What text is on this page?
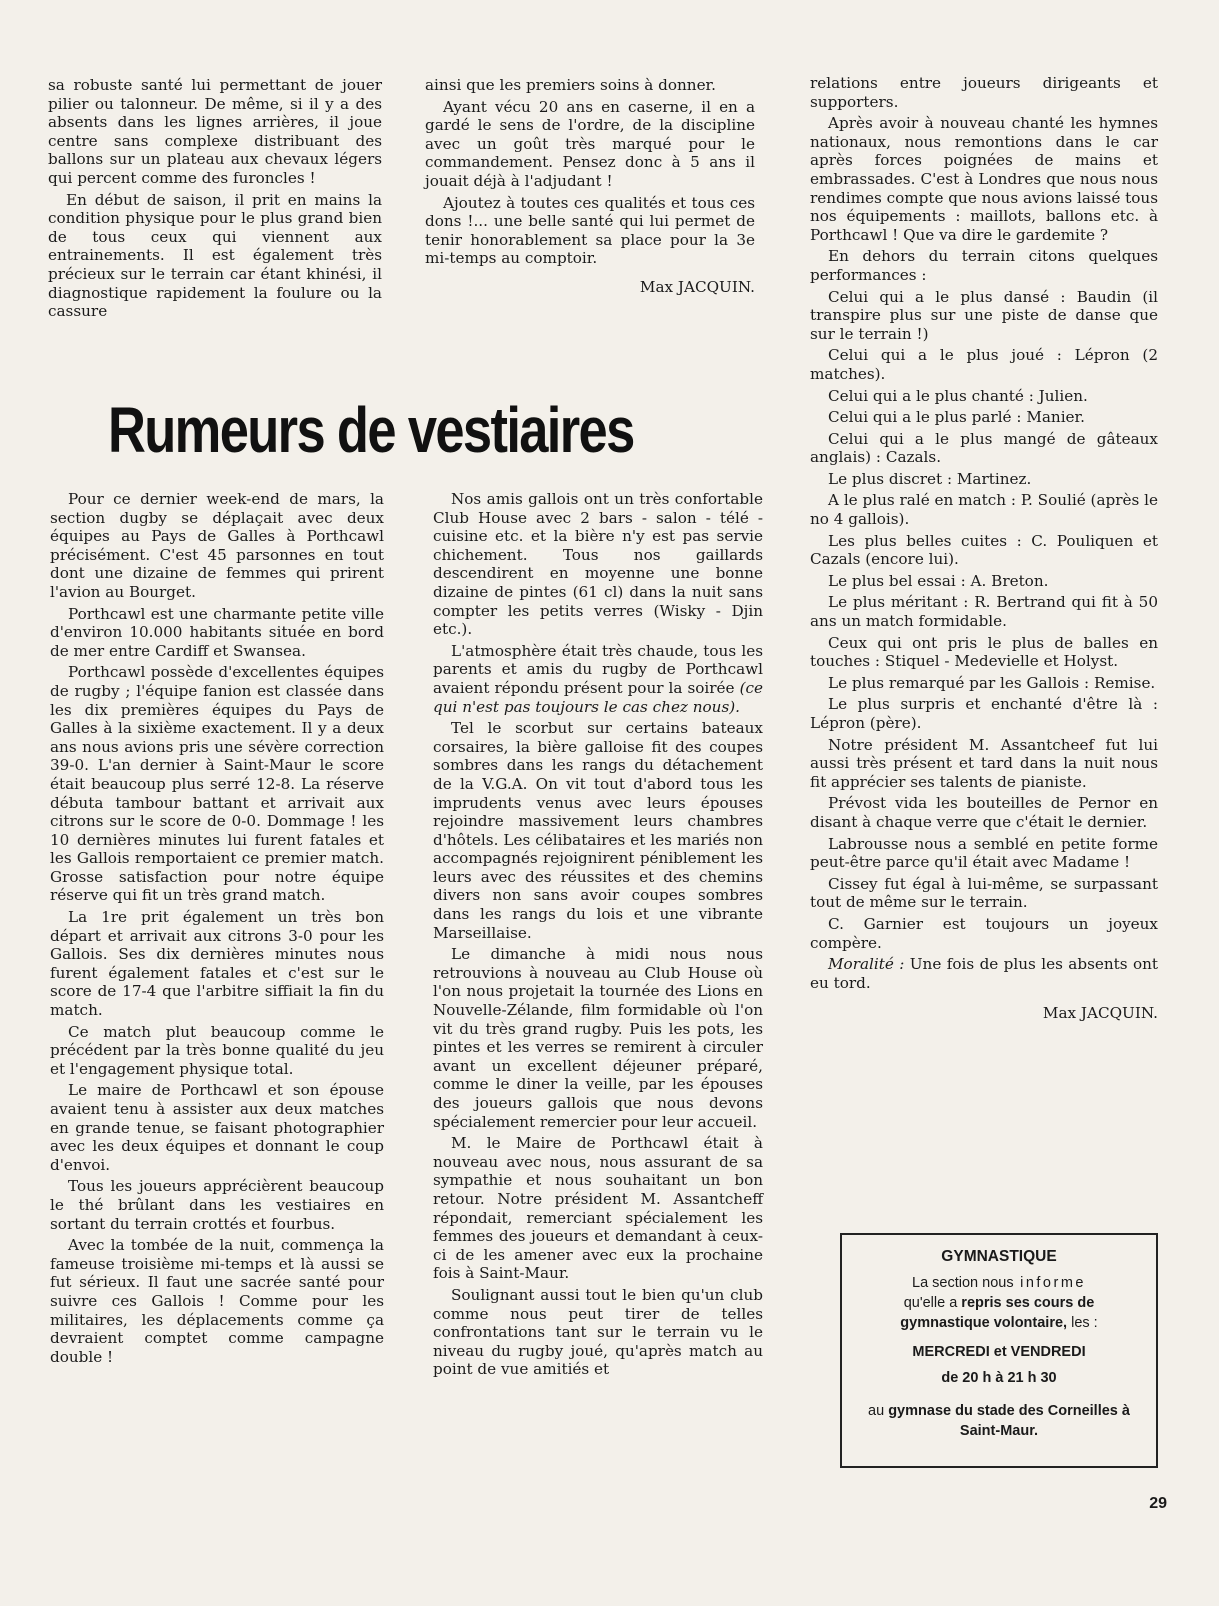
sa robuste santé lui permettant de jouer pilier ou talonneur. De même, si il y a des absents dans les lignes arrières, il joue centre sans complexe distribuant des ballons sur un plateau aux chevaux légers qui percent comme des furoncles !

En début de saison, il prit en mains la condition physique pour le plus grand bien de tous ceux qui viennent aux entrainements. Il est également très précieux sur le terrain car étant khinési, il diagnostique rapidement la foulure ou la cassure

ainsi que les premiers soins à donner.

Ayant vécu 20 ans en caserne, il en a gardé le sens de l'ordre, de la discipline avec un goût très marqué pour le commandement. Pensez donc à 5 ans il jouait déjà à l'adjudant !

Ajoutez à toutes ces qualités et tous ces dons !... une belle santé qui lui permet de tenir honorablement sa place pour la 3e mi-temps au comptoir.

Max JACQUIN.

Rumeurs de vestiaires

Pour ce dernier week-end de mars, la section dugby se déplaçait avec deux équipes au Pays de Galles à Porthcawl précisément. C'est 45 parsonnes en tout dont une dizaine de femmes qui prirent l'avion au Bourget.

Porthcawl est une charmante petite ville d'environ 10.000 habitants située en bord de mer entre Cardiff et Swansea.

Porthcawl possède d'excellentes équipes de rugby ; l'équipe fanion est classée dans les dix premières équipes du Pays de Galles à la sixième exactement. Il y a deux ans nous avions pris une sévère correction 39-0. L'an dernier à Saint-Maur le score était beaucoup plus serré 12-8. La réserve débuta tambour battant et arrivait aux citrons sur le score de 0-0. Dommage ! les 10 dernières minutes lui furent fatales et les Gallois remportaient ce premier match. Grosse satisfaction pour notre équipe réserve qui fit un très grand match.

La 1re prit également un très bon départ et arrivait aux citrons 3-0 pour les Gallois. Ses dix dernières minutes nous furent également fatales et c'est sur le score de 17-4 que l'arbitre siffiait la fin du match.

Ce match plut beaucoup comme le précédent par la très bonne qualité du jeu et l'engagement physique total.

Le maire de Porthcawl et son épouse avaient tenu à assister aux deux matches en grande tenue, se faisant photographier avec les deux équipes et donnant le coup d'envoi.

Tous les joueurs apprécièrent beaucoup le thé brûlant dans les vestiaires en sortant du terrain crottés et fourbus.

Avec la tombée de la nuit, commença la fameuse troisième mi-temps et là aussi se fut sérieux. Il faut une sacrée santé pour suivre ces Gallois ! Comme pour les militaires, les déplacements comme ça devraient comptet comme campagne double !

Nos amis gallois ont un très confortable Club House avec 2 bars - salon - télé - cuisine etc. et la bière n'y est pas servie chichement. Tous nos gaillards descendirent en moyenne une bonne dizaine de pintes (61 cl) dans la nuit sans compter les petits verres (Wisky - Djin etc.).

L'atmosphère était très chaude, tous les parents et amis du rugby de Porthcawl avaient répondu présent pour la soirée (ce qui n'est pas toujours le cas chez nous).

Tel le scorbut sur certains bateaux corsaires, la bière galloise fit des coupes sombres dans les rangs du détachement de la V.G.A. On vit tout d'abord tous les imprudents venus avec leurs épouses rejoindre massivement leurs chambres d'hôtels. Les célibataires et les mariés non accompagnés rejoignirent péniblement les leurs avec des réussites et des chemins divers non sans avoir coupes sombres dans les rangs du lois et une vibrante Marseillaise.

Le dimanche à midi nous nous retrouvions à nouveau au Club House où l'on nous projetait la tournée des Lions en Nouvelle-Zélande, film formidable où l'on vit du très grand rugby. Puis les pots, les pintes et les verres se remirent à circuler avant un excellent déjeuner préparé, comme le diner la veille, par les épouses des joueurs gallois que nous devons spécialement remercier pour leur accueil.

M. le Maire de Porthcawl était à nouveau avec nous, nous assurant de sa sympathie et nous souhaitant un bon retour. Notre président M. Assantcheff répondait, remerciant spécialement les femmes des joueurs et demandant à ceux-ci de les amener avec eux la prochaine fois à Saint-Maur.

Soulignant aussi tout le bien qu'un club comme nous peut tirer de telles confrontations tant sur le terrain vu le niveau du rugby joué, qu'après match au point de vue amitiés et

relations entre joueurs dirigeants et supporters.

Après avoir à nouveau chanté les hymnes nationaux, nous remontions dans le car après forces poignées de mains et embrassades. C'est à Londres que nous nous rendimes compte que nous avions laissé tous nos équipements : maillots, ballons etc. à Porthcawl ! Que va dire le gardemite ?

En dehors du terrain citons quelques performances :

Celui qui a le plus dansé : Baudin (il transpire plus sur une piste de danse que sur le terrain !)

Celui qui a le plus joué : Lépron (2 matches).

Celui qui a le plus chanté : Julien.

Celui qui a le plus parlé : Manier.

Celui qui a le plus mangé de gâteaux anglais) : Cazals.

Le plus discret : Martinez.

A le plus ralé en match : P. Soulié (après le no 4 gallois).

Les plus belles cuites : C. Pouliquen et Cazals (encore lui).

Le plus bel essai : A. Breton.

Le plus méritant : R. Bertrand qui fit à 50 ans un match formidable.

Ceux qui ont pris le plus de balles en touches : Stiquel - Medevielle et Holyst.

Le plus remarqué par les Gallois : Remise.

Le plus surpris et enchanté d'être là : Lépron (père).

Notre président M. Assantcheef fut lui aussi très présent et tard dans la nuit nous fit apprécier ses talents de pianiste.

Prévost vida les bouteilles de Pernor en disant à chaque verre que c'était le dernier.

Labrousse nous a semblé en petite forme peut-être parce qu'il était avec Madame !

Cissey fut égal à lui-même, se surpassant tout de même sur le terrain.

C. Garnier est toujours un joyeux compère.

Moralité : Une fois de plus les absents ont eu tord.

Max JACQUIN.

GYMNASTIQUE
La section nous informe
qu'elle a repris ses cours de
gymnastique volontaire, les :
MERCREDI et VENDREDI
de 20 h à 21 h 30
au gymnase du stade des Corneilles à Saint-Maur.
29
